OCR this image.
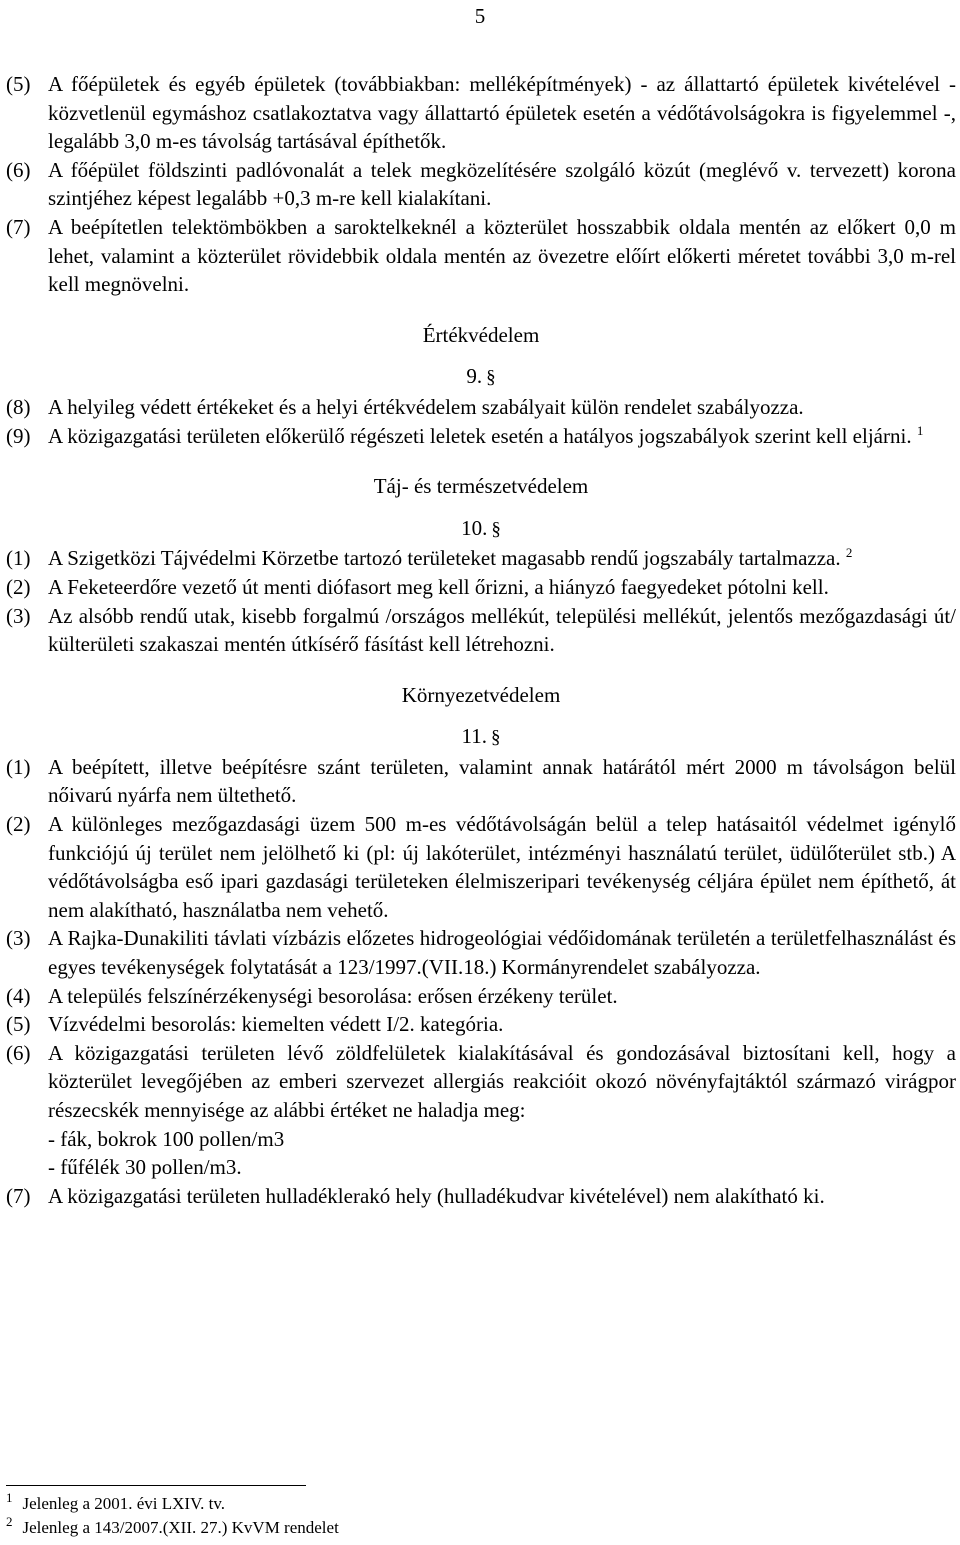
5
(5) A főépületek és egyéb épületek (továbbiakban: melléképítmények) - az állattartó épületek kivételével - közvetlenül egymáshoz csatlakoztatva vagy állattartó épületek esetén a védőtávolságokra is figyelemmel -, legalább 3,0 m-es távolság tartásával építhetők.
(6) A főépület földszinti padlóvonalát a telek megközelítésére szolgáló közút (meglévő v. tervezett) korona szintjéhez képest legalább +0,3 m-re kell kialakítani.
(7) A beépítetlen telektömbökben a saroktelkeknél a közterület hosszabbik oldala mentén az előkert 0,0 m lehet, valamint a közterület rövidebbik oldala mentén az övezetre előírt előkerti méretet további 3,0 m-rel kell megnövelni.
Értékvédelem
9. §
(8) A helyileg védett értékeket és a helyi értékvédelem szabályait külön rendelet szabályozza.
(9) A közigazgatási területen előkerülő régészeti leletek esetén a hatályos jogszabályok szerint kell eljárni. $^1$
Táj- és természetvédelem
10. §
(1) A Szigetközi Tájvédelmi Körzetbe tartozó területeket magasabb rendű jogszabály tartalmazza. $^2$
(2) A Feketeerdőre vezető út menti diófasort meg kell őrizni, a hiányzó faegyedeket pótolni kell.
(3) Az alsóbb rendű utak, kisebb forgalmú /országos mellékút, települési mellékút, jelentős mezőgazdasági út/ külterületi szakaszai mentén útkísérő fásítást kell létrehozni.
Környezetvédelem
11. §
(1) A beépített, illetve beépítésre szánt területen, valamint annak határától mért 2000 m távolságon belül nőivarú nyárfa nem ültethető.
(2) A különleges mezőgazdasági üzem 500 m-es védőtávolságán belül a telep hatásaitól védelmet igénylő funkciójú új terület nem jelölhető ki (pl: új lakóterület, intézményi használatú terület, üdülőterület stb.) A védőtávolságba eső ipari gazdasági területeken élelmiszeripari tevékenység céljára épület nem építhető, át nem alakítható, használatba nem vehető.
(3) A Rajka-Dunakiliti távlati vízbázis előzetes hidrogeológiai védőidomának területén a területfelhasználást és egyes tevékenységek folytatását a 123/1997.(VII.18.) Kormányrendelet szabályozza.
(4) A település felszínérzékenységi besorolása: erősen érzékeny terület.
(5) Vízvédelmi besorolás: kiemelten védett I/2. kategória.
(6) A közigazgatási területen lévő zöldfelületek kialakításával és gondozásával biztosítani kell, hogy a közterület levegőjében az emberi szervezet allergiás reakcióit okozó növényfajtáktól származó virágpor részecskék mennyisége az alábbi értéket ne haladja meg:
- fák, bokrok 100 pollen/m3
- fűfélék 30 pollen/m3.
(7) A közigazgatási területen hulladéklerakó hely (hulladékudvar kivételével) nem alakítható ki.
$^1$ Jelenleg a 2001. évi LXIV. tv.
$^2$ Jelenleg a 143/2007.(XII. 27.) KvVM rendelet
